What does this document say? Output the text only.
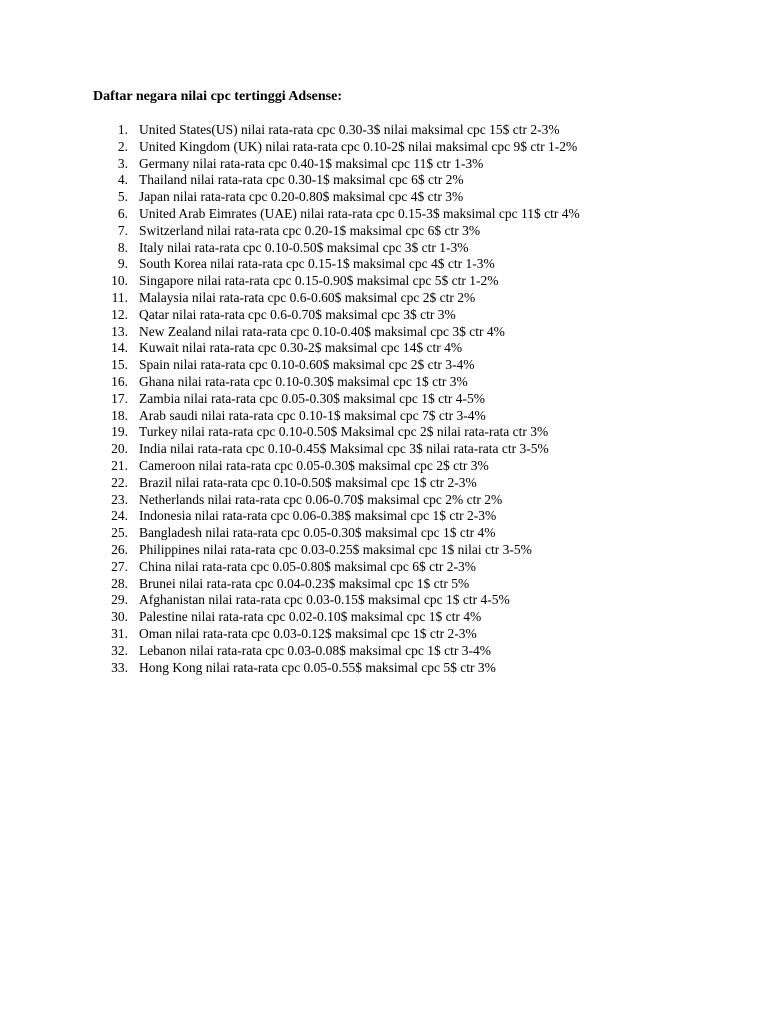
Daftar negara nilai cpc tertinggi Adsense:
1. United States(US) nilai rata-rata cpc 0.30-3$ nilai maksimal cpc 15$ ctr 2-3%
2. United Kingdom (UK) nilai rata-rata cpc 0.10-2$ nilai maksimal cpc 9$ ctr 1-2%
3. Germany nilai rata-rata cpc 0.40-1$ maksimal cpc 11$ ctr 1-3%
4. Thailand nilai rata-rata cpc 0.30-1$ maksimal cpc 6$ ctr 2%
5. Japan nilai rata-rata cpc 0.20-0.80$ maksimal cpc 4$ ctr 3%
6. United Arab Eimrates (UAE) nilai rata-rata cpc 0.15-3$ maksimal cpc 11$ ctr 4%
7. Switzerland nilai rata-rata cpc 0.20-1$ maksimal cpc 6$ ctr 3%
8. Italy nilai rata-rata cpc 0.10-0.50$ maksimal cpc 3$ ctr 1-3%
9. South Korea nilai rata-rata cpc 0.15-1$ maksimal cpc 4$ ctr 1-3%
10. Singapore nilai rata-rata cpc 0.15-0.90$ maksimal cpc 5$ ctr 1-2%
11. Malaysia nilai rata-rata cpc 0.6-0.60$ maksimal cpc 2$ ctr 2%
12. Qatar nilai rata-rata cpc 0.6-0.70$ maksimal cpc 3$ ctr 3%
13. New Zealand nilai rata-rata cpc 0.10-0.40$ maksimal cpc 3$ ctr 4%
14. Kuwait nilai rata-rata cpc 0.30-2$ maksimal cpc 14$ ctr 4%
15. Spain nilai rata-rata cpc 0.10-0.60$ maksimal cpc 2$ ctr 3-4%
16. Ghana nilai rata-rata cpc 0.10-0.30$ maksimal cpc 1$ ctr 3%
17. Zambia nilai rata-rata cpc 0.05-0.30$ maksimal cpc 1$ ctr 4-5%
18. Arab saudi nilai rata-rata cpc 0.10-1$ maksimal cpc 7$ ctr 3-4%
19. Turkey nilai rata-rata cpc 0.10-0.50$ Maksimal cpc 2$ nilai rata-rata ctr 3%
20. India nilai rata-rata cpc 0.10-0.45$ Maksimal cpc 3$ nilai rata-rata ctr 3-5%
21. Cameroon nilai rata-rata cpc 0.05-0.30$ maksimal cpc 2$ ctr 3%
22. Brazil nilai rata-rata cpc 0.10-0.50$ maksimal cpc 1$ ctr 2-3%
23. Netherlands nilai rata-rata cpc 0.06-0.70$ maksimal cpc 2% ctr 2%
24. Indonesia nilai rata-rata cpc 0.06-0.38$ maksimal cpc 1$ ctr 2-3%
25. Bangladesh nilai rata-rata cpc 0.05-0.30$ maksimal cpc 1$ ctr 4%
26. Philippines nilai rata-rata cpc 0.03-0.25$ maksimal cpc 1$ nilai ctr 3-5%
27. China nilai rata-rata cpc 0.05-0.80$ maksimal cpc 6$ ctr 2-3%
28. Brunei nilai rata-rata cpc 0.04-0.23$ maksimal cpc 1$ ctr 5%
29. Afghanistan nilai rata-rata cpc 0.03-0.15$ maksimal cpc 1$ ctr 4-5%
30. Palestine nilai rata-rata cpc 0.02-0.10$ maksimal cpc 1$ ctr 4%
31. Oman nilai rata-rata cpc 0.03-0.12$ maksimal cpc 1$ ctr 2-3%
32. Lebanon nilai rata-rata cpc 0.03-0.08$ maksimal cpc 1$ ctr 3-4%
33. Hong Kong nilai rata-rata cpc 0.05-0.55$ maksimal cpc 5$ ctr 3%
